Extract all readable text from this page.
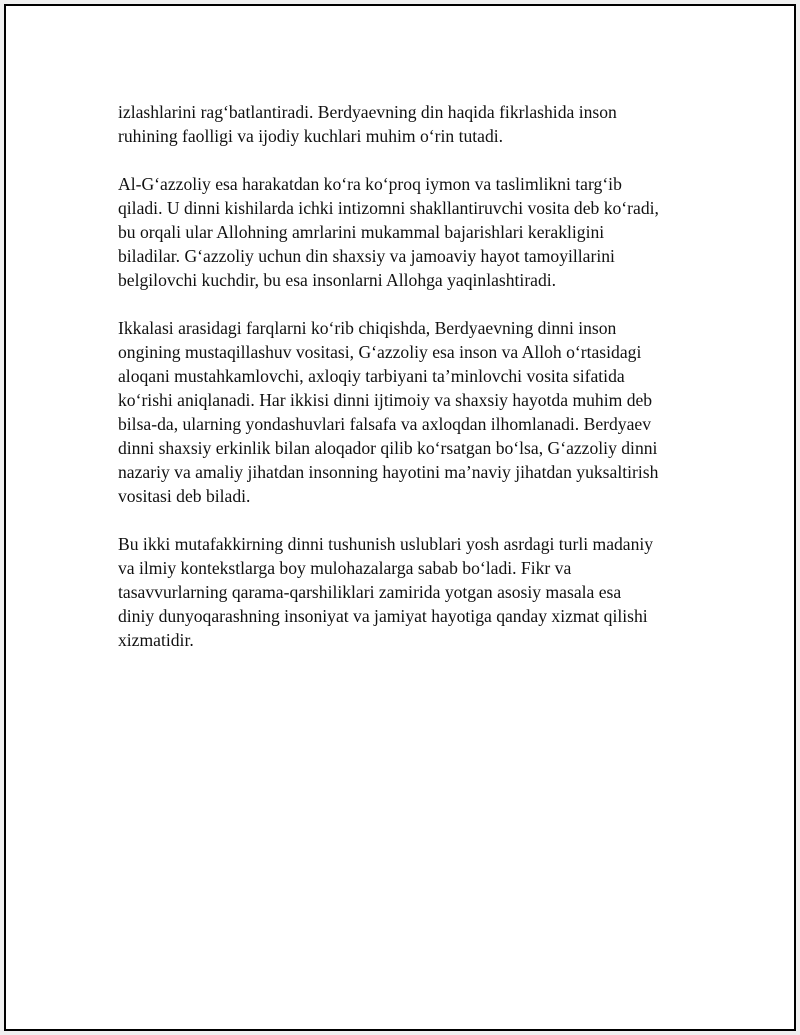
izlashlarini rag‘batlantiradi. Berdyaevning din haqida fikrlashida inson
ruhining faolligi va ijodiy kuchlari muhim o‘rin tutadi.

Al-G‘azzoliy esa harakatdan ko‘ra ko‘proq iymon va taslimlikni targ‘ib
qiladi. U dinni kishilarda ichki intizomni shakllantiruvchi vosita deb ko‘radi,
bu orqali ular Allohning amrlarini mukammal bajarishlari kerakligini
biladilar. G‘azzoliy uchun din shaxsiy va jamoaviy hayot tamoyillarini
belgilovchi kuchdir, bu esa insonlarni Allohga yaqinlashtiradi.

Ikkalasi arasidagi farqlarni ko‘rib chiqishda, Berdyaevning dinni inson
ongining mustaqillashuv vositasi, G‘azzoliy esa inson va Alloh o‘rtasidagi
aloqani mustahkamlovchi, axloqiy tarbiyani ta’minlovchi vosita sifatida
ko‘rishi aniqlanadi. Har ikkisi dinni ijtimoiy va shaxsiy hayotda muhim deb
bilsa-da, ularning yondashuvlari falsafa va axloqdan ilhomlanadi. Berdyaev
dinni shaxsiy erkinlik bilan aloqador qilib ko‘rsatgan bo‘lsa, G‘azzoliy dinni
nazariy va amaliy jihatdan insonning hayotini ma’naviy jihatdan yuksaltirish
vositasi deb biladi.

Bu ikki mutafakkirning dinni tushunish uslublari yosh asrdagi turli madaniy
va ilmiy kontekstlarga boy mulohazalarga sabab bo‘ladi. Fikr va
tasavvurlarning qarama-qarshiliklari zamirida yotgan asosiy masala esa
diniy dunyoqarashning insoniyat va jamiyat hayotiga qanday xizmat qilishi
xizmatidir.
